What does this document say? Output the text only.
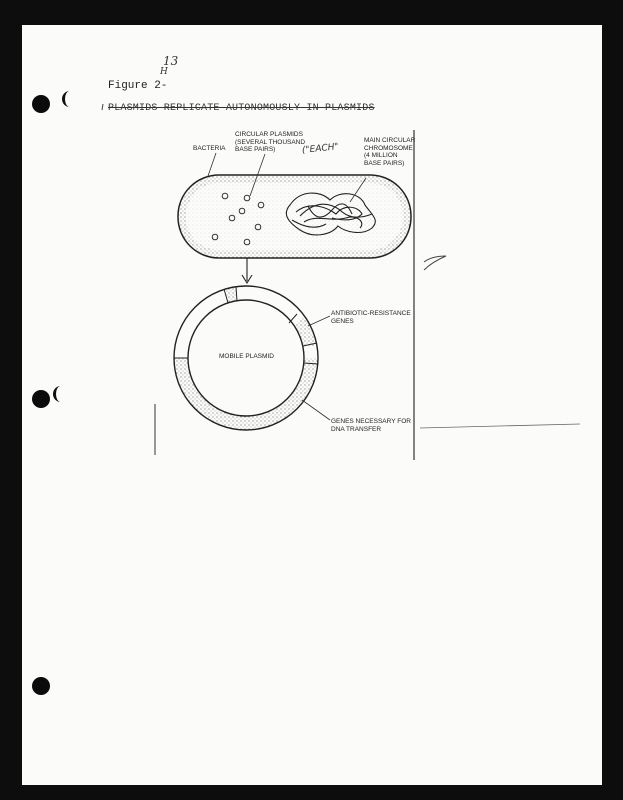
Figure 2-
13
H
PLASMIDS REPLICATE AUTONOMOUSLY IN PLASMIDS
BACTERIA
CIRCULAR PLASMIDS
(SEVERAL THOUSAND
BASE PAIRS)	("EACH"
MAIN CIRCULAR
CHROMOSOME
(4 MILLION
BASE PAIRS)
ANTIBIOTIC-RESISTANCE
GENES
MOBILE PLASMID
GENES NECESSARY FOR
DNA TRANSFER
